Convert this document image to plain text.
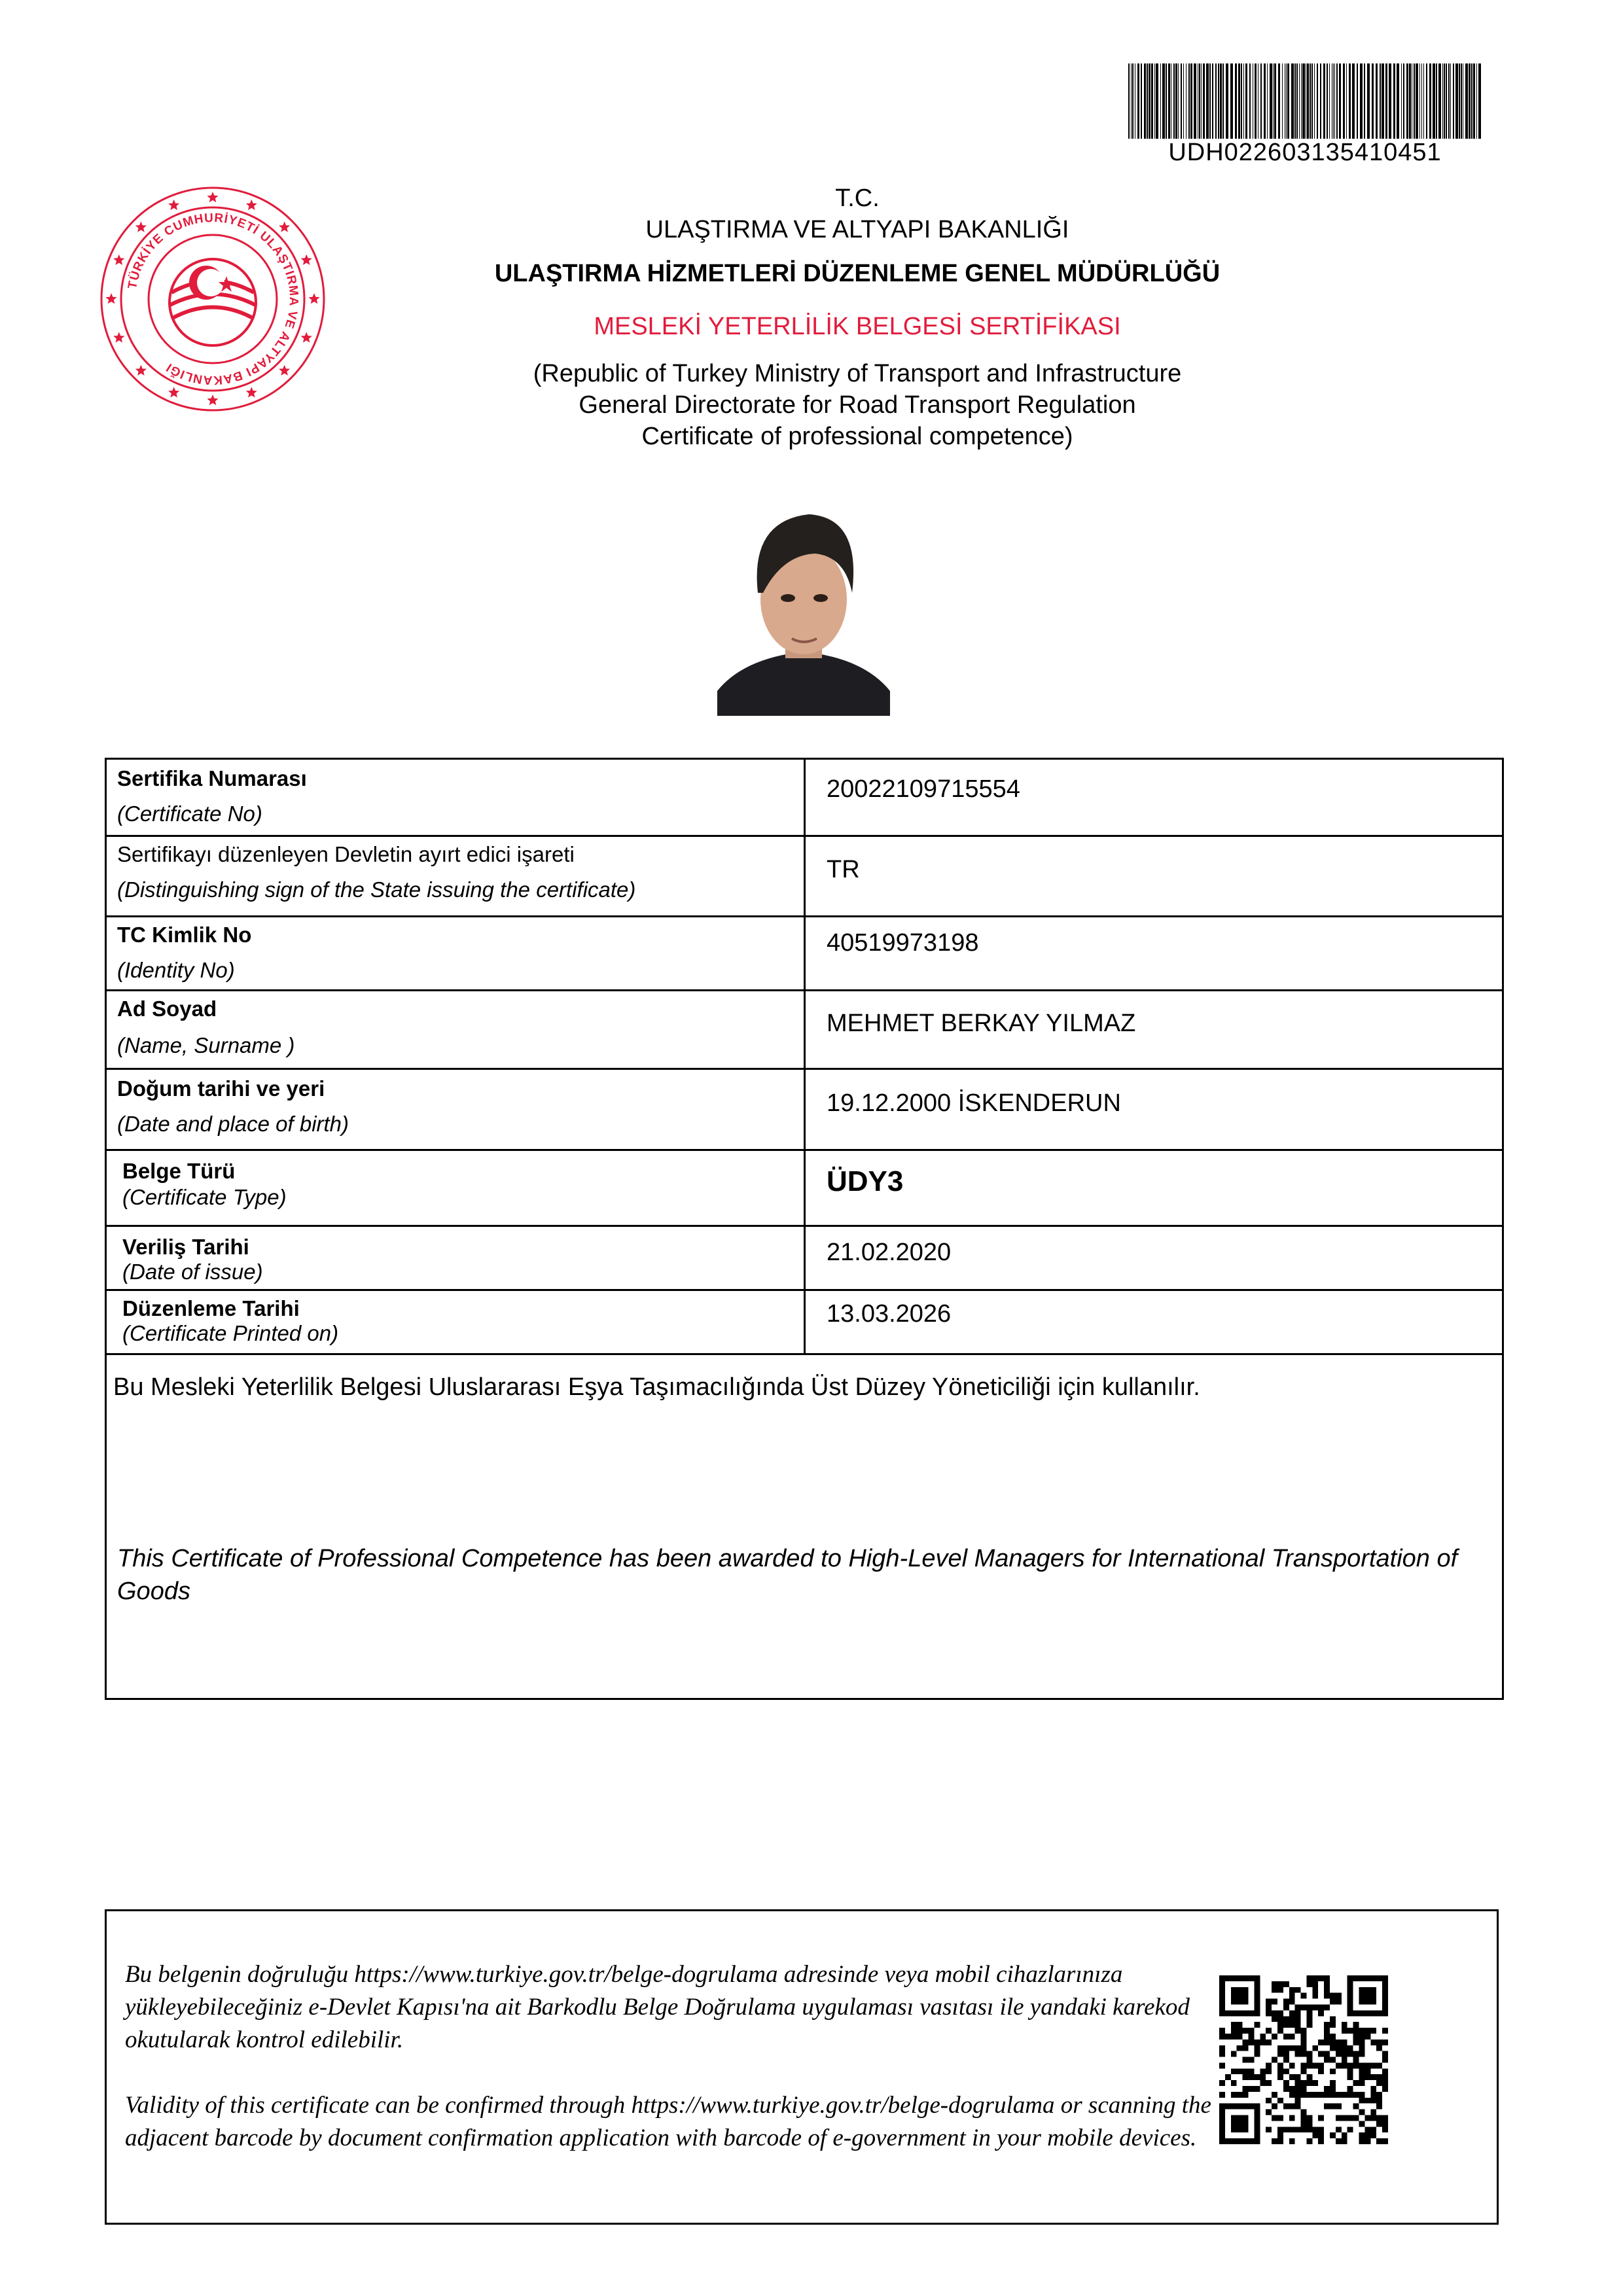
UDH022603135410451
TÜRKİYE CUMHURİYETİ ULAŞTIRMA VE ALTYAPI BAKANLIĞI
T.C.
ULAŞTIRMA VE ALTYAPI BAKANLIĞI
ULAŞTIRMA HİZMETLERİ DÜZENLEME GENEL MÜDÜRLÜĞÜ
MESLEKİ YETERLİLİK BELGESİ SERTİFİKASI
(Republic of Turkey Ministry of Transport and Infrastructure
General Directorate for Road Transport Regulation
Certificate of professional competence)
Sertifika Numarası
(Certificate No)
20022109715554
Sertifikayı düzenleyen Devletin ayırt edici işareti
(Distinguishing sign of the State issuing the certificate)
TR
TC Kimlik No
(Identity No)
40519973198
Ad Soyad
(Name, Surname )
MEHMET BERKAY YILMAZ
Doğum tarihi ve yeri
(Date and place of birth)
19.12.2000 İSKENDERUN
Belge Türü
(Certificate Type)	ÜDY3
Veriliş Tarihi
(Date of issue)
21.02.2020
Düzenleme Tarihi
(Certificate Printed on)
13.03.2026
Bu Mesleki Yeterlilik Belgesi Uluslararası Eşya Taşımacılığında Üst Düzey Yöneticiliği için kullanılır.
This Certificate of Professional Competence has been awarded to High-Level Managers for International Transportation of Goods
Bu belgenin doğruluğu https://www.turkiye.gov.tr/belge-dogrulama adresinde veya mobil cihazlarınıza yükleyebileceğiniz e-Devlet Kapısı'na ait Barkodlu Belge Doğrulama uygulaması vasıtası ile yandaki karekod okutularak kontrol edilebilir.
Validity of this certificate can be confirmed through https://www.turkiye.gov.tr/belge-dogrulama or scanning the adjacent barcode by document confirmation application with barcode of e-government in your mobile devices.
